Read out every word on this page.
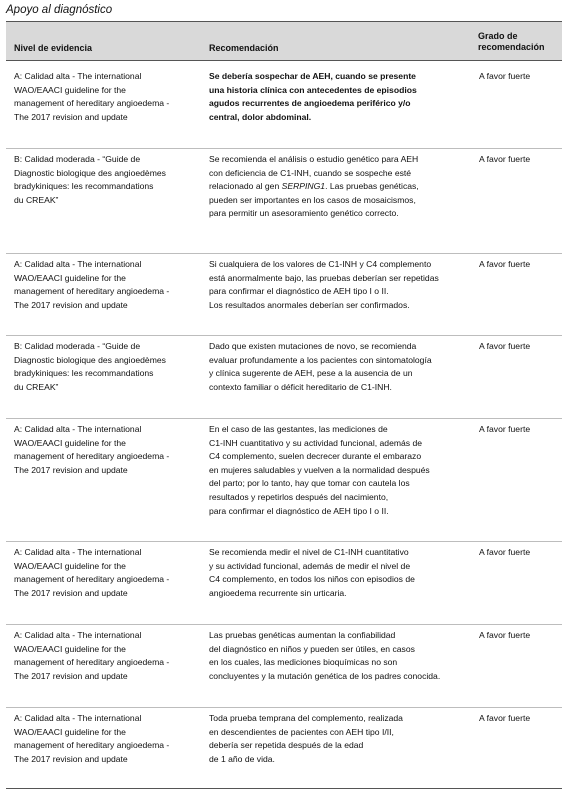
Apoyo al diagnóstico
Nivel de evidencia	Recomendación
Grado de
recomendación
A: Calidad alta - The international
WAO/EAACI guideline for the
management of hereditary angioedema -
The 2017 revision and update
Se debería sospechar de AEH, cuando se presente
una historia clínica con antecedentes de episodios
agudos recurrentes de angioedema periférico y/o
central, dolor abdominal.
A favor fuerte
B: Calidad moderada - “Guide de
Diagnostic biologique des angioedèmes
bradykiniques: les recommandations
du CREAK”
Se recomienda el análisis o estudio genético para AEH
con deficiencia de C1-INH, cuando se sospeche esté
relacionado al gen SERPING1. Las pruebas genéticas,
pueden ser importantes en los casos de mosaicismos,
para permitir un asesoramiento genético correcto.
A favor fuerte
A: Calidad alta - The international
WAO/EAACI guideline for the
management of hereditary angioedema -
The 2017 revision and update
Si cualquiera de los valores de C1-INH y C4 complemento
está anormalmente bajo, las pruebas deberían ser repetidas
para confirmar el diagnóstico de AEH tipo I o II.
Los resultados anormales deberían ser confirmados.
A favor fuerte
B: Calidad moderada - “Guide de
Diagnostic biologique des angioedèmes
bradykiniques: les recommandations
du CREAK”
Dado que existen mutaciones de novo, se recomienda
evaluar profundamente a los pacientes con sintomatología
y clínica sugerente de AEH, pese a la ausencia de un
contexto familiar o déficit hereditario de C1-INH.
A favor fuerte
A: Calidad alta - The international
WAO/EAACI guideline for the
management of hereditary angioedema -
The 2017 revision and update
En el caso de las gestantes, las mediciones de
C1-INH cuantitativo y su actividad funcional, además de
C4 complemento, suelen decrecer durante el embarazo
en mujeres saludables y vuelven a la normalidad después
del parto; por lo tanto, hay que tomar con cautela los
resultados y repetirlos después del nacimiento,
para confirmar el diagnóstico de AEH tipo I o II.
A favor fuerte
A: Calidad alta - The international
WAO/EAACI guideline for the
management of hereditary angioedema -
The 2017 revision and update
Se recomienda medir el nivel de C1-INH cuantitativo
y su actividad funcional, además de medir el nivel de
C4 complemento, en todos los niños con episodios de
angioedema recurrente sin urticaria.
A favor fuerte
A: Calidad alta - The international
WAO/EAACI guideline for the
management of hereditary angioedema -
The 2017 revision and update
Las pruebas genéticas aumentan la confiabilidad
del diagnóstico en niños y pueden ser útiles, en casos
en los cuales, las mediciones bioquímicas no son
concluyentes y la mutación genética de los padres conocida.
A favor fuerte
A: Calidad alta - The international
WAO/EAACI guideline for the
management of hereditary angioedema -
The 2017 revision and update
Toda prueba temprana del complemento, realizada
en descendientes de pacientes con AEH tipo I/II,
debería ser repetida después de la edad
de 1 año de vida.
A favor fuerte
